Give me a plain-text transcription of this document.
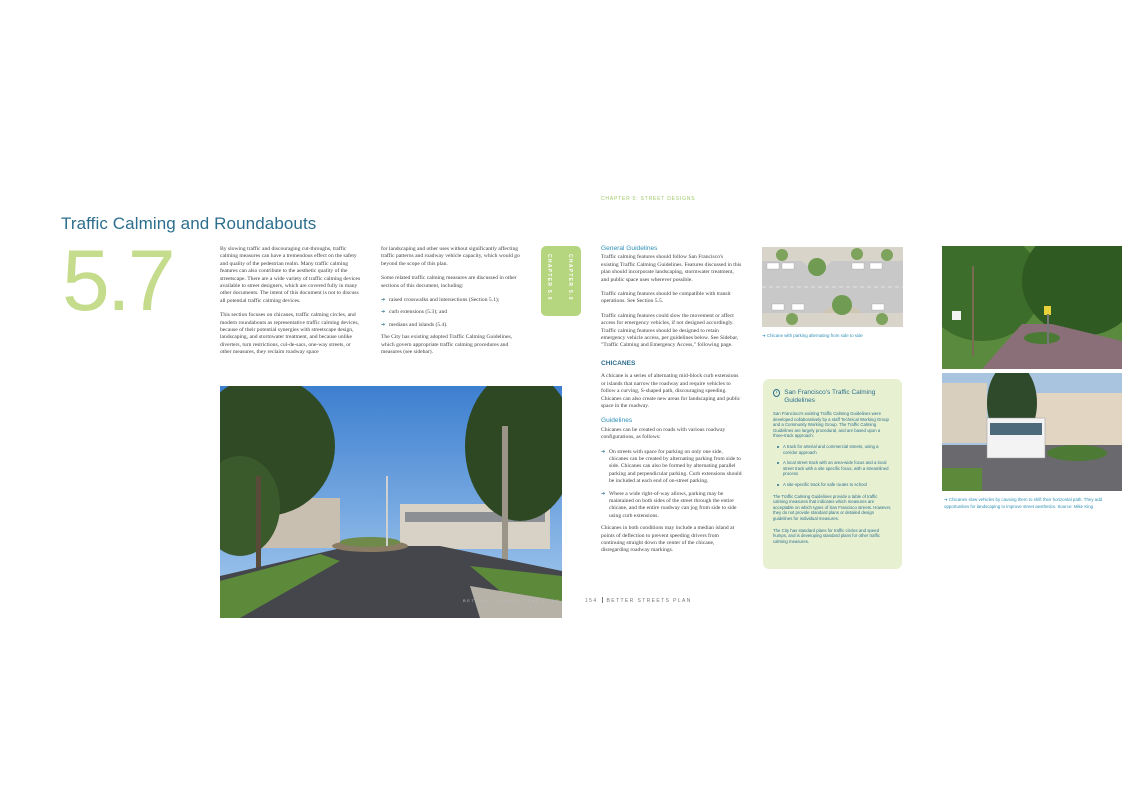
Traffic Calming and Roundabouts
5.7	By slowing traffic and discouraging cut-throughs, traffic calming measures can have a tremendous effect on the safety and quality of the pedestrian realm. Many traffic calming features can also contribute to the aesthetic quality of the streetscape. There are a wide variety of traffic calming devices available to street designers, which are covered fully in many other documents. The intent of this document is not to discuss all potential traffic calming devices.

This section focuses on chicanes, traffic calming circles, and modern roundabouts as representative traffic calming devices, because of their potential synergies with streetscape design, landscaping, and stormwater treatment, and because unlike diverters, turn restrictions, cul-de-sacs, one-way streets, or other measures, they reclaim roadway space

for landscaping and other uses without significantly affecting traffic patterns and roadway vehicle capacity, which would go beyond the scope of this plan.

Some related traffic calming measures are discussed in other sections of this document, including:

➔ raised crosswalks and intersections (Section 5.1);
➔ curb extensions (5.3); and
➔ medians and islands (5.4).

The City has existing adopted Traffic Calming Guidelines, which govern appropriate traffic calming procedures and measures (see sidebar).

CHAPTER 5.0	CHAPTER 5.0
BETTER STREETS PLAN | 153
CHAPTER 5: STREET DESIGNS
General Guidelines

Traffic calming features should follow San Francisco's existing Traffic Calming Guidelines. Features discussed in this plan should incorporate landscaping, stormwater treatment, and public space uses wherever possible.

Traffic calming features should be compatible with transit operations. See Section 5.5.

Traffic calming features could slow the movement or affect access for emergency vehicles, if not designed accordingly. Traffic calming features should be designed to retain emergency vehicle access, per guidelines below. See Sidebar, "Traffic Calming and Emergency Access," following page.

CHICANES

A chicane is a series of alternating mid-block curb extensions or islands that narrow the roadway and require vehicles to follow a curving, S-shaped path, discouraging speeding. Chicanes can also create new areas for landscaping and public space in the roadway.

Guidelines

Chicanes can be created on roads with various roadway configurations, as follows:

➔ On streets with space for parking on only one side, chicanes can be created by alternating parking from side to side. Chicanes can also be formed by alternating parallel parking and perpendicular parking. Curb extensions should be included at each end of on-street parking.
➔ Where a wide right-of-way allows, parking may be maintained on both sides of the street through the entire chicane, and the entire roadway can jog from side to side using curb extensions.

Chicanes in both conditions may include a median island at points of deflection to prevent speeding drivers from continuing straight down the center of the chicane, disregarding roadway markings.

➔ Chicane with parking alternating from side to side
➔ Chicanes slow vehicles by causing them to shift their horizontal path. They add opportunities for landscaping to improve street aesthetics. Source: Mike King
› San Francisco's Traffic Calming Guidelines
San Francisco's existing Traffic Calming Guidelines were developed collaboratively by a staff Technical Working Group and a Community Working Group. The Traffic Calming Guidelines are largely procedural, and are based upon a three-track approach:
A track for arterial and commercial streets, using a corridor approach
A local street track with an area-wide focus and a local street track with a site specific focus, with a streamlined process
A site-specific track for safe routes to school
The Traffic Calming Guidelines provide a table of traffic calming measures that indicates which measures are acceptable on which types of San Francisco streets. However, they do not provide standard plans or detailed design guidelines for individual measures.
The City has standard plans for traffic circles and speed humps, and is developing standard plans for other traffic calming measures.
154 BETTER STREETS PLAN
